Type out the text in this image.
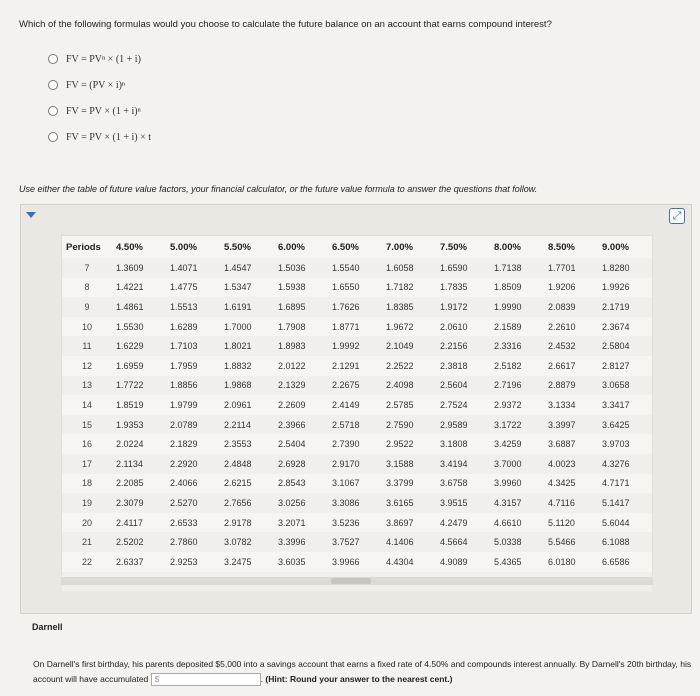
Which of the following formulas would you choose to calculate the future balance on an account that earns compound interest?
FV = PVⁿ × (1 + i)
FV = (PV × i)ⁿ
FV = PV × (1 + i)ⁿ
FV = PV × (1 + i) × t
Use either the table of future value factors, your financial calculator, or the future value formula to answer the questions that follow.
⤢
Periods	4.50%	5.00%	5.50%	6.00%	6.50%	7.00%	7.50%	8.00%	8.50%	9.00%
7	1.3609	1.4071	1.4547	1.5036	1.5540	1.6058	1.6590	1.7138	1.7701	1.8280
8	1.4221	1.4775	1.5347	1.5938	1.6550	1.7182	1.7835	1.8509	1.9206	1.9926
9	1.4861	1.5513	1.6191	1.6895	1.7626	1.8385	1.9172	1.9990	2.0839	2.1719
10	1.5530	1.6289	1.7000	1.7908	1.8771	1.9672	2.0610	2.1589	2.2610	2.3674
11	1.6229	1.7103	1.8021	1.8983	1.9992	2.1049	2.2156	2.3316	2.4532	2.5804
12	1.6959	1.7959	1.8832	2.0122	2.1291	2.2522	2.3818	2.5182	2.6617	2.8127
13	1.7722	1.8856	1.9868	2.1329	2.2675	2.4098	2.5604	2.7196	2.8879	3.0658
14	1.8519	1.9799	2.0961	2.2609	2.4149	2.5785	2.7524	2.9372	3.1334	3.3417
15	1.9353	2.0789	2.2114	2.3966	2.5718	2.7590	2.9589	3.1722	3.3997	3.6425
16	2.0224	2.1829	2.3553	2.5404	2.7390	2.9522	3.1808	3.4259	3.6887	3.9703
17	2.1134	2.2920	2.4848	2.6928	2.9170	3.1588	3.4194	3.7000	4.0023	4.3276
18	2.2085	2.4066	2.6215	2.8543	3.1067	3.3799	3.6758	3.9960	4.3425	4.7171
19	2.3079	2.5270	2.7656	3.0256	3.3086	3.6165	3.9515	4.3157	4.7116	5.1417
20	2.4117	2.6533	2.9178	3.2071	3.5236	3.8697	4.2479	4.6610	5.1120	5.6044
21	2.5202	2.7860	3.0782	3.3996	3.7527	4.1406	4.5664	5.0338	5.5466	6.1088
22	2.6337	2.9253	3.2475	3.6035	3.9966	4.4304	4.9089	5.4365	6.0180	6.6586

Darnell
On Darnell's first birthday, his parents deposited $5,000 into a savings account that earns a fixed rate of 4.50% and compounds interest annually. By Darnell's 20th birthday, his account will have accumulated $	. (Hint: Round your answer to the nearest cent.)
